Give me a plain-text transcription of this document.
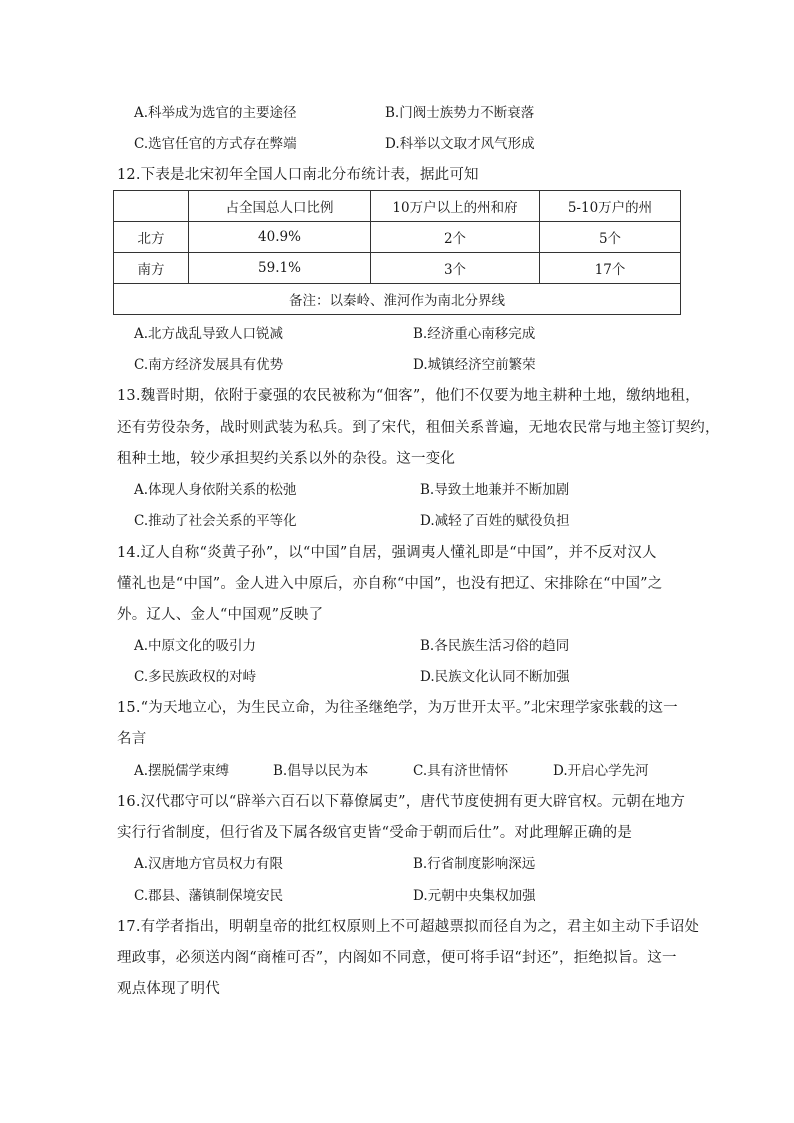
A.科举成为选官的主要途径	B.门阀士族势力不断衰落
C.选官任官的方式存在弊端	D.科举以文取才风气形成
12.下表是北宋初年全国人口南北分布统计表，据此可知
	占全国总人口比例	10万户以上的州和府	5-10万户的州
北方	40.9%	2个	5个
南方	59.1%	3个	17个
备注：以秦岭、淮河作为南北分界线			
A.北方战乱导致人口锐减	B.经济重心南移完成
C.南方经济发展具有优势	D.城镇经济空前繁荣
13.魏晋时期，依附于豪强的农民被称为“佃客”，他们不仅要为地主耕种土地，缴纳地租，
还有劳役杂务，战时则武装为私兵。到了宋代，租佃关系普遍，无地农民常与地主签订契约，
租种土地，较少承担契约关系以外的杂役。这一变化
A.体现人身依附关系的松弛	B.导致土地兼并不断加剧
C.推动了社会关系的平等化	D.减轻了百姓的赋役负担
14.辽人自称“炎黄子孙”，以“中国”自居，强调夷人懂礼即是“中国”，并不反对汉人
懂礼也是“中国”。金人进入中原后，亦自称“中国”，也没有把辽、宋排除在“中国”之
外。辽人、金人“中国观”反映了
A.中原文化的吸引力	B.各民族生活习俗的趋同
C.多民族政权的对峙	D.民族文化认同不断加强
15.“为天地立心，为生民立命，为往圣继绝学，为万世开太平。”北宋理学家张载的这一
名言
A.摆脱儒学束缚	B.倡导以民为本	C.具有济世情怀	D.开启心学先河
16.汉代郡守可以“辟举六百石以下幕僚属吏”，唐代节度使拥有更大辟官权。元朝在地方
实行行省制度，但行省及下属各级官吏皆“受命于朝而后仕”。对此理解正确的是
A.汉唐地方官员权力有限	B.行省制度影响深远
C.郡县、藩镇制保境安民	D.元朝中央集权加强
17.有学者指出，明朝皇帝的批红权原则上不可超越票拟而径自为之，君主如主动下手诏处
理政事，必须送内阁“商榷可否”，内阁如不同意，便可将手诏“封还”，拒绝拟旨。这一
观点体现了明代
